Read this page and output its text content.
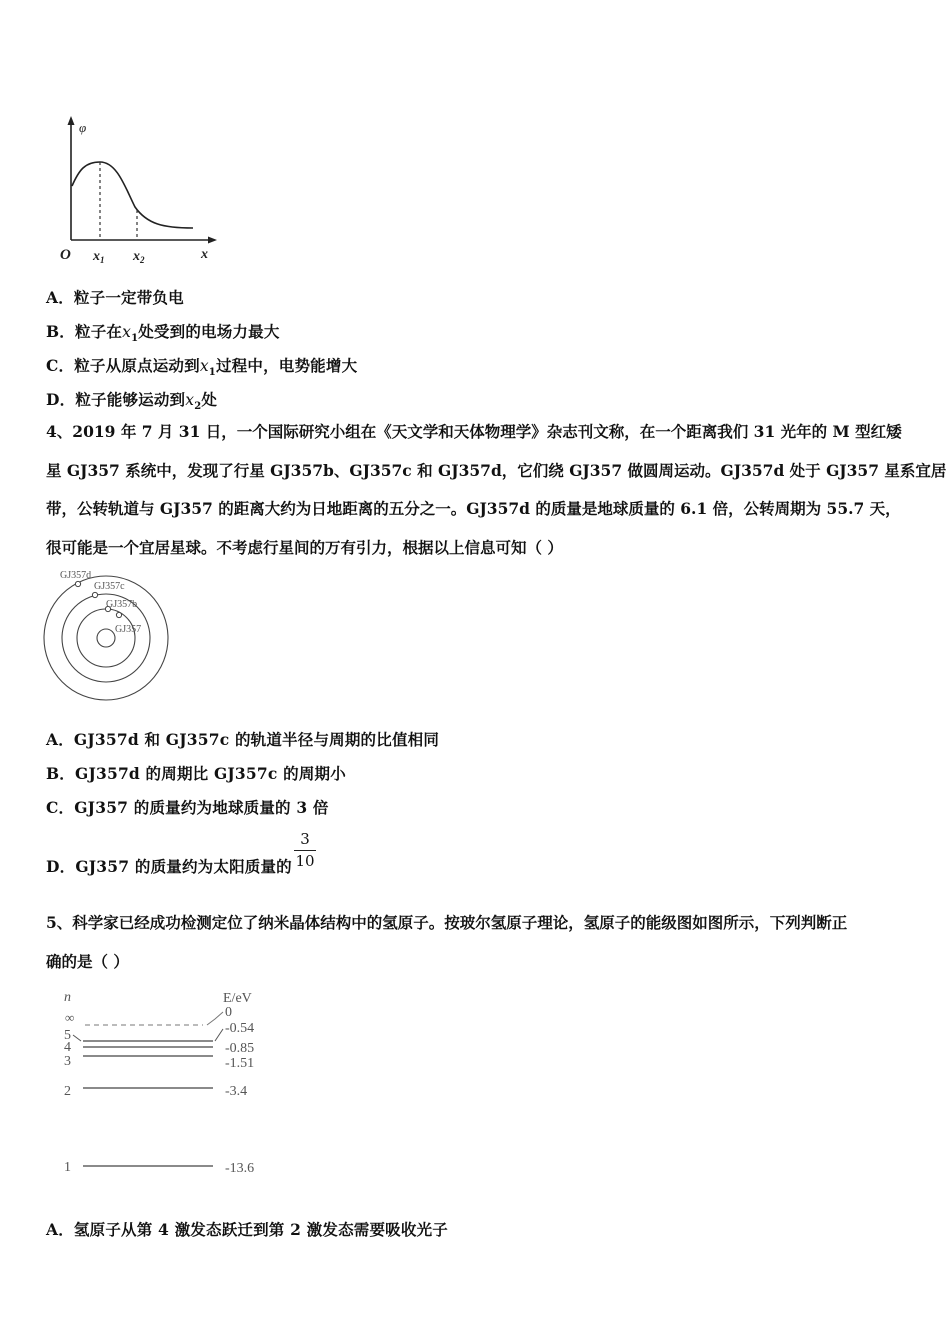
φ
O $x_1$ $x_2$	x
A．粒子一定带负电
B．粒子在$x_1$处受到的电场力最大
C．粒子从原点运动到$x_1$过程中，电势能增大
D．粒子能够运动到$x_2$处
4、2019 年 7 月 31 日，一个国际研究小组在《天文学和天体物理学》杂志刊文称，在一个距离我们 31 光年的 M 型红矮
星 GJ357 系统中，发现了行星 GJ357b、GJ357c 和 GJ357d，它们绕 GJ357 做圆周运动。GJ357d 处于 GJ357 星系宜居
带，公转轨道与 GJ357 的距离大约为日地距离的五分之一。GJ357d 的质量是地球质量的 6.1 倍，公转周期为 55.7 天，
很可能是一个宜居星球。不考虑行星间的万有引力，根据以上信息可知（ ）
GJ357d
GJ357c
GJ357b
GJ357
A．GJ357d 和 GJ357c 的轨道半径与周期的比值相同
B．GJ357d 的周期比 GJ357c 的周期小
C．GJ357 的质量约为地球质量的 3 倍
D．GJ357 的质量约为太阳质量的 $\frac{3}{10}$
5、科学家已经成功检测定位了纳米晶体结构中的氢原子。按玻尔氢原子理论，氢原子的能级图如图所示，下列判断正
确的是（ ）
n	E/eV
∞	0
5	-0.54
4	-0.85
3	-1.51
2	-3.4
1	-13.6
A．氢原子从第 4 激发态跃迁到第 2 激发态需要吸收光子
